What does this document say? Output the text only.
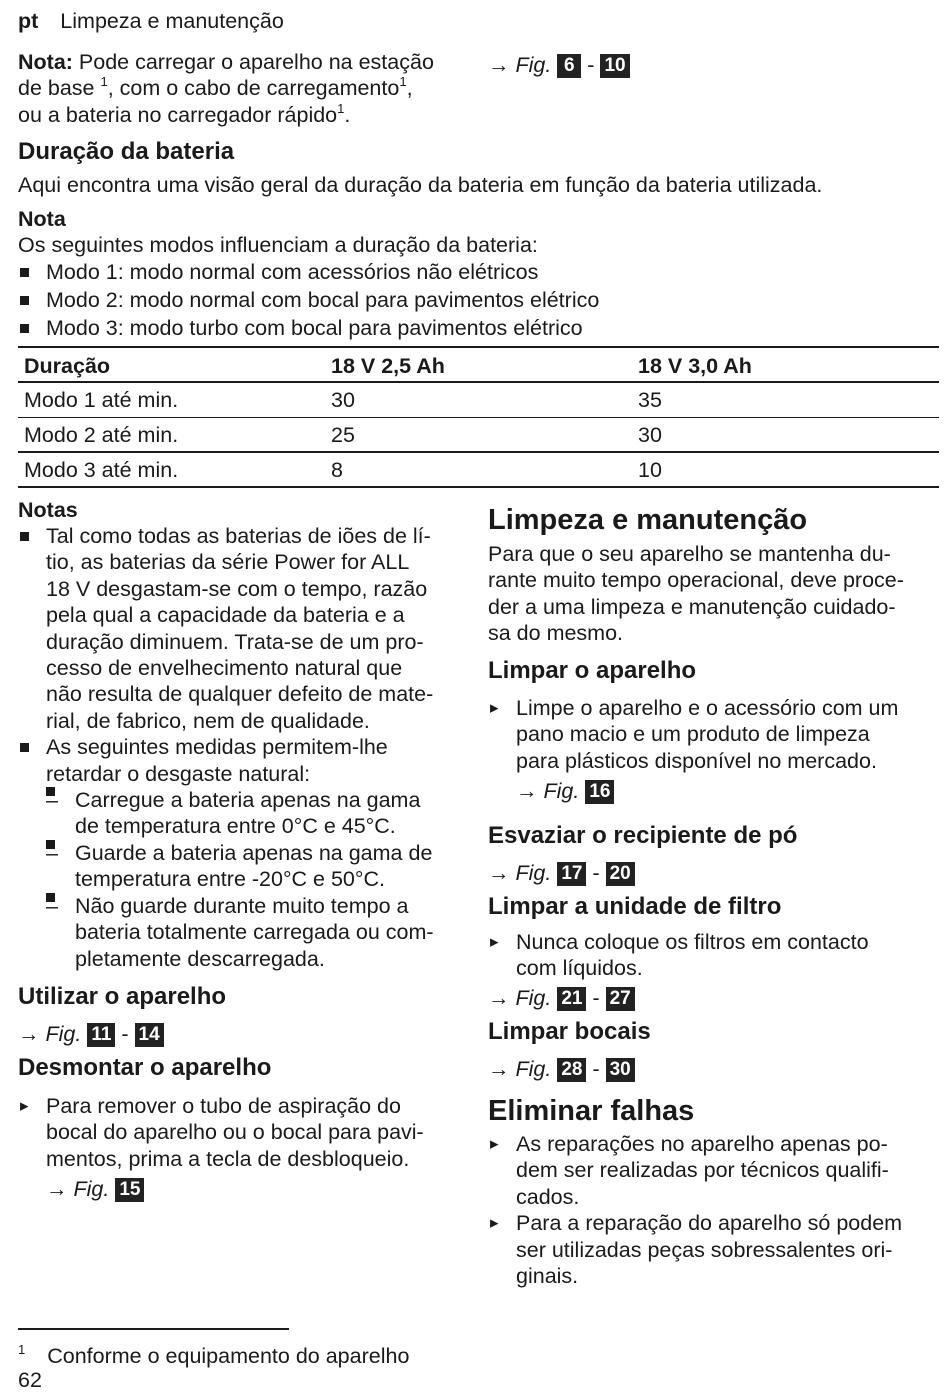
pt Limpeza e manutenção
Nota: Pode carregar o aparelho na estação
de base $^1$, com o cabo de carregamento$^1$,
ou a bateria no carregador rápido$^1$.
→ Fig. 6 - 10
Duração da bateria
Aqui encontra uma visão geral da duração da bateria em função da bateria utilizada.
Nota
Os seguintes modos influenciam a duração da bateria:
Modo 1: modo normal com acessórios não elétricos
Modo 2: modo normal com bocal para pavimentos elétrico
Modo 3: modo turbo com bocal para pavimentos elétrico
Duração	18 V 2,5 Ah	18 V 3,0 Ah
Modo 1 até min.	30	35
Modo 2 até min.	25	30
Modo 3 até min.	8	10
Notas
Tal como todas as baterias de iões de lí-
tio, as baterias da série Power for ALL
18 V desgastam-se com o tempo, razão
pela qual a capacidade da bateria e a
duração diminuem. Trata-se de um pro-
cesso de envelhecimento natural que
não resulta de qualquer defeito de mate-
rial, de fabrico, nem de qualidade.
As seguintes medidas permitem-lhe
retardar o desgaste natural:
– Carregue a bateria apenas na gama
de temperatura entre 0°C e 45°C.
– Guarde a bateria apenas na gama de
temperatura entre -20°C e 50°C.
– Não guarde durante muito tempo a
bateria totalmente carregada ou com-
pletamente descarregada.
Utilizar o aparelho
→ Fig. 11 - 14
Desmontar o aparelho
▸ Para remover o tubo de aspiração do
bocal do aparelho ou o bocal para pavi-
mentos, prima a tecla de desbloqueio.
→ Fig. 15
Limpeza e manutenção
Para que o seu aparelho se mantenha du-
rante muito tempo operacional, deve proce-
der a uma limpeza e manutenção cuidado-
sa do mesmo.
Limpar o aparelho
▸ Limpe o aparelho e o acessório com um
pano macio e um produto de limpeza
para plásticos disponível no mercado.
→ Fig. 16
Esvaziar o recipiente de pó
→ Fig. 17 - 20
Limpar a unidade de filtro
▸ Nunca coloque os filtros em contacto
com líquidos.
→ Fig. 21 - 27
Limpar bocais
→ Fig. 28 - 30
Eliminar falhas
▸ As reparações no aparelho apenas po-
dem ser realizadas por técnicos qualifi-
cados.
▸ Para a reparação do aparelho só podem
ser utilizadas peças sobressalentes ori-
ginais.
$^1$ Conforme o equipamento do aparelho
62
